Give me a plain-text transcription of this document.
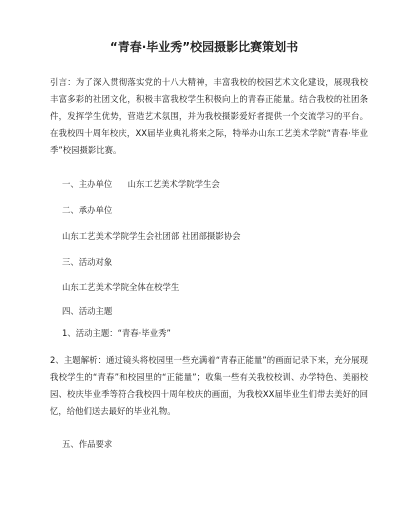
“青春·毕业秀”校园摄影比赛策划书
引言：为了深入贯彻落实党的十八大精神，丰富我校的校园艺术文化建设，展现我校丰富多彩的社团文化，积极丰富我校学生积极向上的青春正能量。结合我校的社团条件，发挥学生优势，营造艺术氛围，并为我校摄影爱好者提供一个交流学习的平台。在我校四十周年校庆，XX届毕业典礼将来之际，特举办山东工艺美术学院“青春·毕业季”校园摄影比赛。
一、主办单位 山东工艺美术学院学生会
二、承办单位
山东工艺美术学院学生会社团部 社团部摄影协会
三、活动对象
山东工艺美术学院全体在校学生
四、活动主题
1、活动主题：“青春·毕业秀”
2、主题解析：通过镜头将校园里一些充满着“青春正能量”的画面记录下来，充分展现我校学生的“青春”和校园里的“正能量”；收集一些有关我校校训、办学特色、美丽校园、校庆毕业季等符合我校四十周年校庆的画面，为我校XX届毕业生们带去美好的回忆，给他们送去最好的毕业礼物。
五、作品要求
